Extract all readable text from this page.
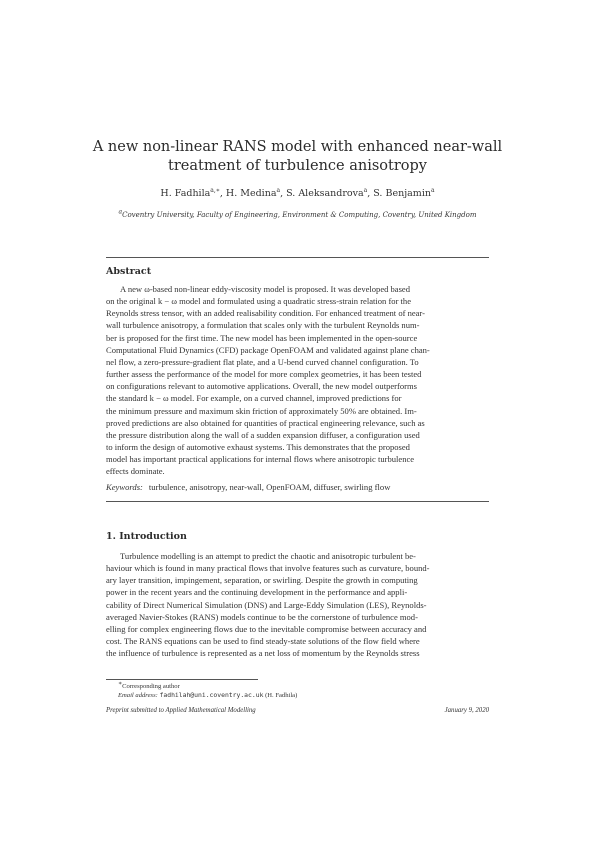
A new non-linear RANS model with enhanced near-wall
treatment of turbulence anisotropy
H. Fadhila$^{a,∗}$, H. Medina$^a$, S. Aleksandrova$^a$, S. Benjamin$^a$
$^a$Coventry University, Faculty of Engineering, Environment & Computing, Coventry, United Kingdom
Abstract
A new ω-based non-linear eddy-viscosity model is proposed. It was developed based
on the original k − ω model and formulated using a quadratic stress-strain relation for the
Reynolds stress tensor, with an added realisability condition. For enhanced treatment of near-
wall turbulence anisotropy, a formulation that scales only with the turbulent Reynolds num-
ber is proposed for the first time. The new model has been implemented in the open-source
Computational Fluid Dynamics (CFD) package OpenFOAM and validated against plane chan-
nel flow, a zero-pressure-gradient flat plate, and a U-bend curved channel configuration. To
further assess the performance of the model for more complex geometries, it has been tested
on configurations relevant to automotive applications. Overall, the new model outperforms
the standard k − ω model. For example, on a curved channel, improved predictions for
the minimum pressure and maximum skin friction of approximately 50% are obtained. Im-
proved predictions are also obtained for quantities of practical engineering relevance, such as
the pressure distribution along the wall of a sudden expansion diffuser, a configuration used
to inform the design of automotive exhaust systems. This demonstrates that the proposed
model has important practical applications for internal flows where anisotropic turbulence
effects dominate.
Keywords: turbulence, anisotropy, near-wall, OpenFOAM, diffuser, swirling flow
1. Introduction
Turbulence modelling is an attempt to predict the chaotic and anisotropic turbulent be-
haviour which is found in many practical flows that involve features such as curvature, bound-
ary layer transition, impingement, separation, or swirling. Despite the growth in computing
power in the recent years and the continuing development in the performance and appli-
cability of Direct Numerical Simulation (DNS) and Large-Eddy Simulation (LES), Reynolds-
averaged Navier-Stokes (RANS) models continue to be the cornerstone of turbulence mod-
elling for complex engineering flows due to the inevitable compromise between accuracy and
cost. The RANS equations can be used to find steady-state solutions of the flow field where
the influence of turbulence is represented as a net loss of momentum by the Reynolds stress
∗Corresponding author
Email address: fadhilah@uni.coventry.ac.uk (H. Fadhila)
Preprint submitted to Applied Mathematical Modelling	January 9, 2020
